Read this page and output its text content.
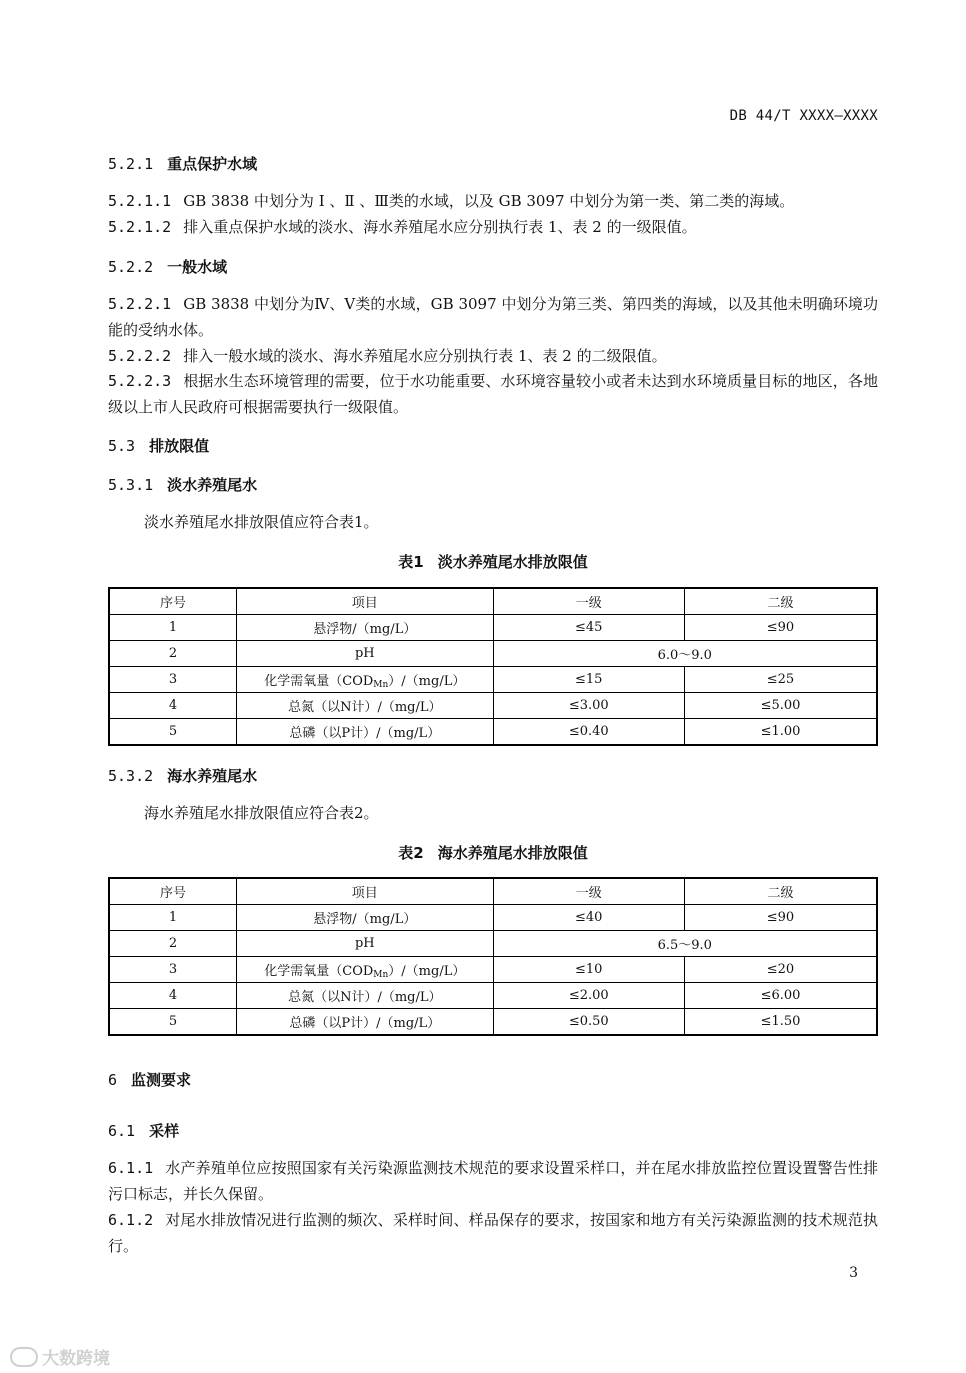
DB 44/T XXXX—XXXX
5.2.1 重点保护水域
5.2.1.1 GB 3838 中划分为 Ⅰ 、Ⅱ 、Ⅲ类的水域，以及 GB 3097 中划分为第一类、第二类的海域。
5.2.1.2 排入重点保护水域的淡水、海水养殖尾水应分别执行表 1、表 2 的一级限值。
5.2.2 一般水域
5.2.2.1 GB 3838 中划分为Ⅳ、Ⅴ类的水域，GB 3097 中划分为第三类、第四类的海域，以及其他未明确环境功能的受纳水体。
5.2.2.2 排入一般水域的淡水、海水养殖尾水应分别执行表 1、表 2 的二级限值。
5.2.2.3 根据水生态环境管理的需要，位于水功能重要、水环境容量较小或者未达到水环境质量目标的地区，各地级以上市人民政府可根据需要执行一级限值。
5.3 排放限值
5.3.1 淡水养殖尾水
淡水养殖尾水排放限值应符合表1。
表1 淡水养殖尾水排放限值
序号	项目	一级	二级
1	悬浮物/（mg/L）	≤45	≤90
2	pH	6.0～9.0	
3	化学需氧量$(COD_{Mn})/(mg/L)$	≤15	≤25
4	总氮（以N计）/（mg/L）	≤3.00	≤5.00
5	总磷（以P计）/（mg/L）	≤0.40	≤1.00
5.3.2 海水养殖尾水
海水养殖尾水排放限值应符合表2。
表2 海水养殖尾水排放限值
序号	项目	一级	二级
1	悬浮物/（mg/L）	≤40	≤90
2	pH	6.5～9.0	
3	化学需氧量$(COD_{Mn})/(mg/L)$	≤10	≤20
4	总氮（以N计）/（mg/L）	≤2.00	≤6.00
5	总磷（以P计）/（mg/L）	≤0.50	≤1.50
6 监测要求
6.1 采样
6.1.1 水产养殖单位应按照国家有关污染源监测技术规范的要求设置采样口，并在尾水排放监控位置设置警告性排污口标志，并长久保留。
6.1.2 对尾水排放情况进行监测的频次、采样时间、样品保存的要求，按国家和地方有关污染源监测的技术规范执行。
3
大数跨境
